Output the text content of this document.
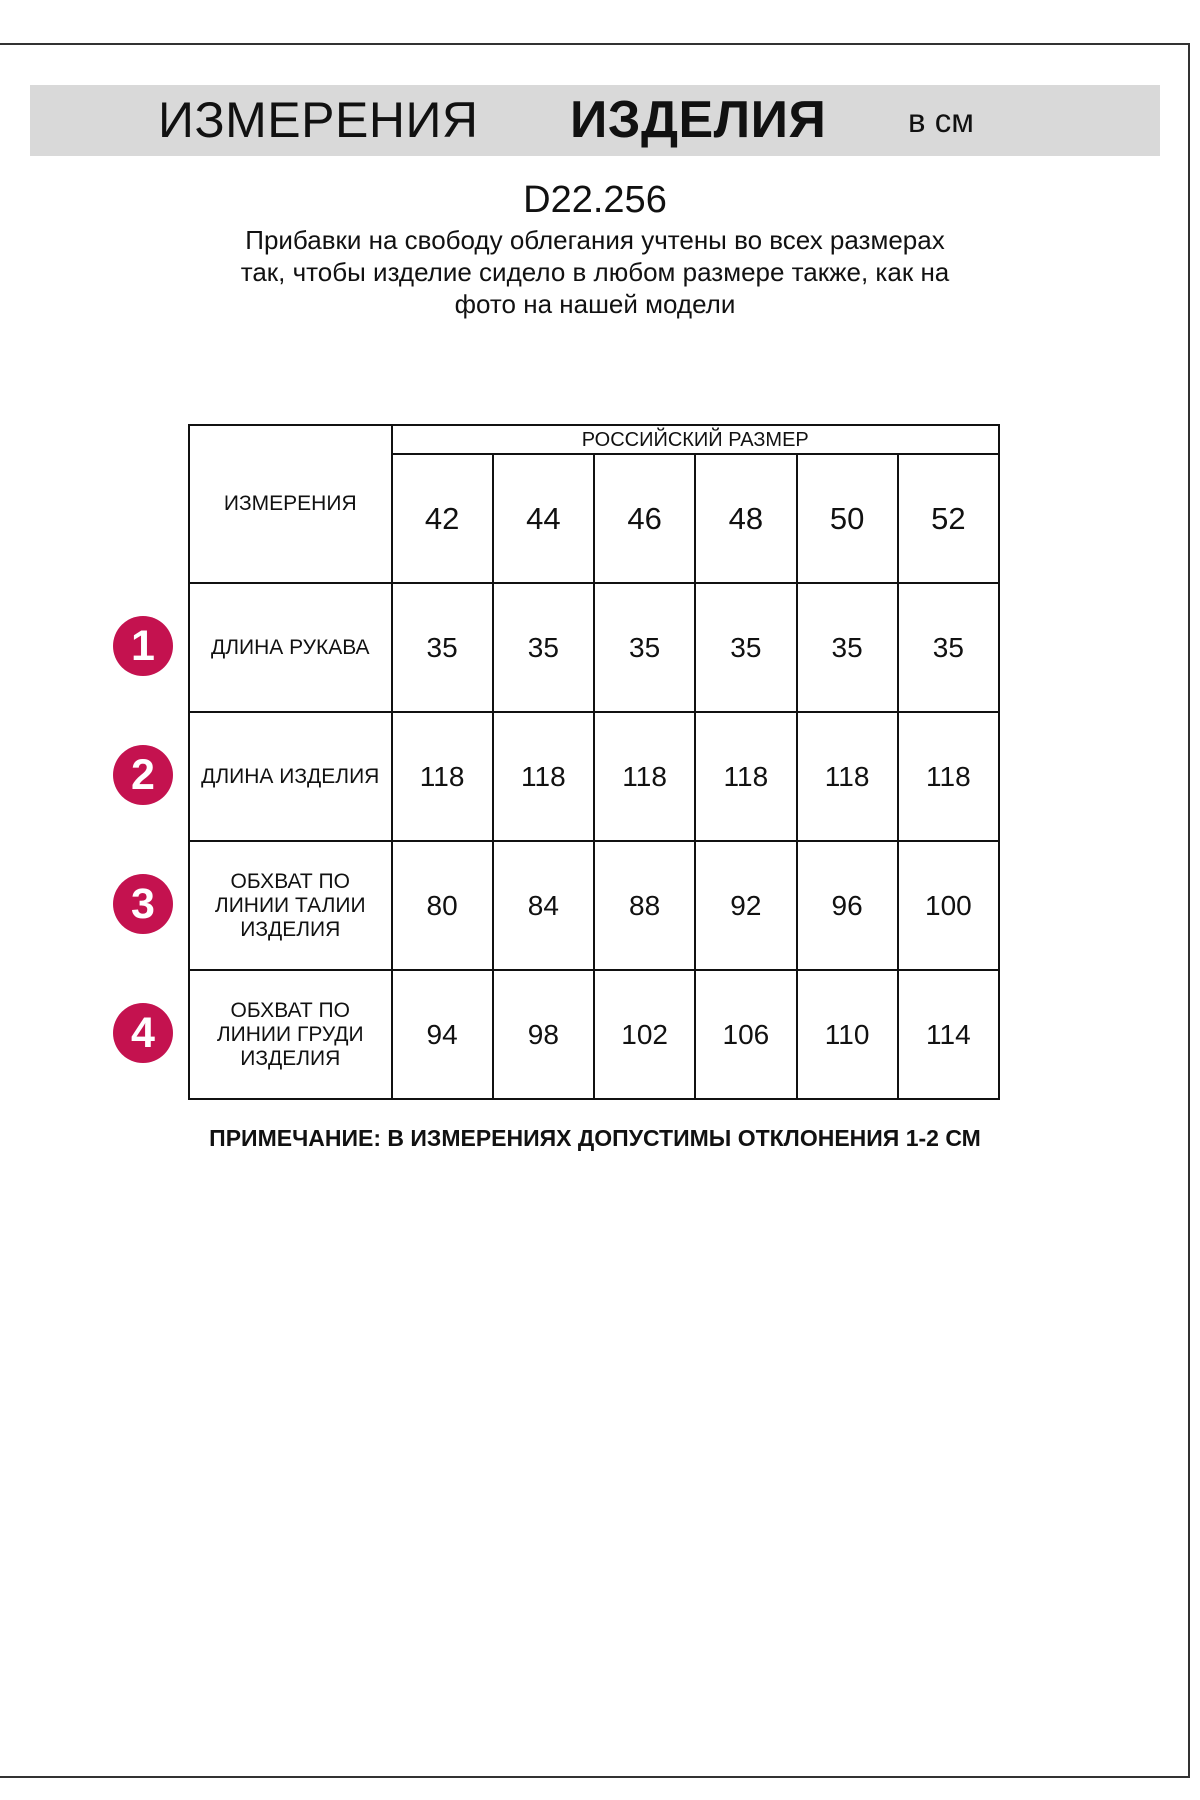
ИЗМЕРЕНИЯ ИЗДЕЛИЯ в см
D22.256
Прибавки на свободу облегания учтены во всех размерах
так, чтобы изделие сидело в любом размере также, как на
фото на нашей модели
ИЗМЕРЕНИЯ	РОССИЙСКИЙ РАЗМЕР					
	42	44	46	48	50	52

ДЛИНА РУКАВА	35	35	35	35	35	35

ДЛИНА ИЗДЕЛИЯ	118	118	118	118	118	118

ОБХВАТ ПО
ЛИНИИ ТАЛИИ
ИЗДЕЛИЯ	80	84	88	92	96	100

ОБХВАТ ПО
ЛИНИИ ГРУДИ
ИЗДЕЛИЯ	94	98	102	106	110	114
1
2
3
4
ПРИМЕЧАНИЕ: В ИЗМЕРЕНИЯХ ДОПУСТИМЫ ОТКЛОНЕНИЯ 1-2 СМ
